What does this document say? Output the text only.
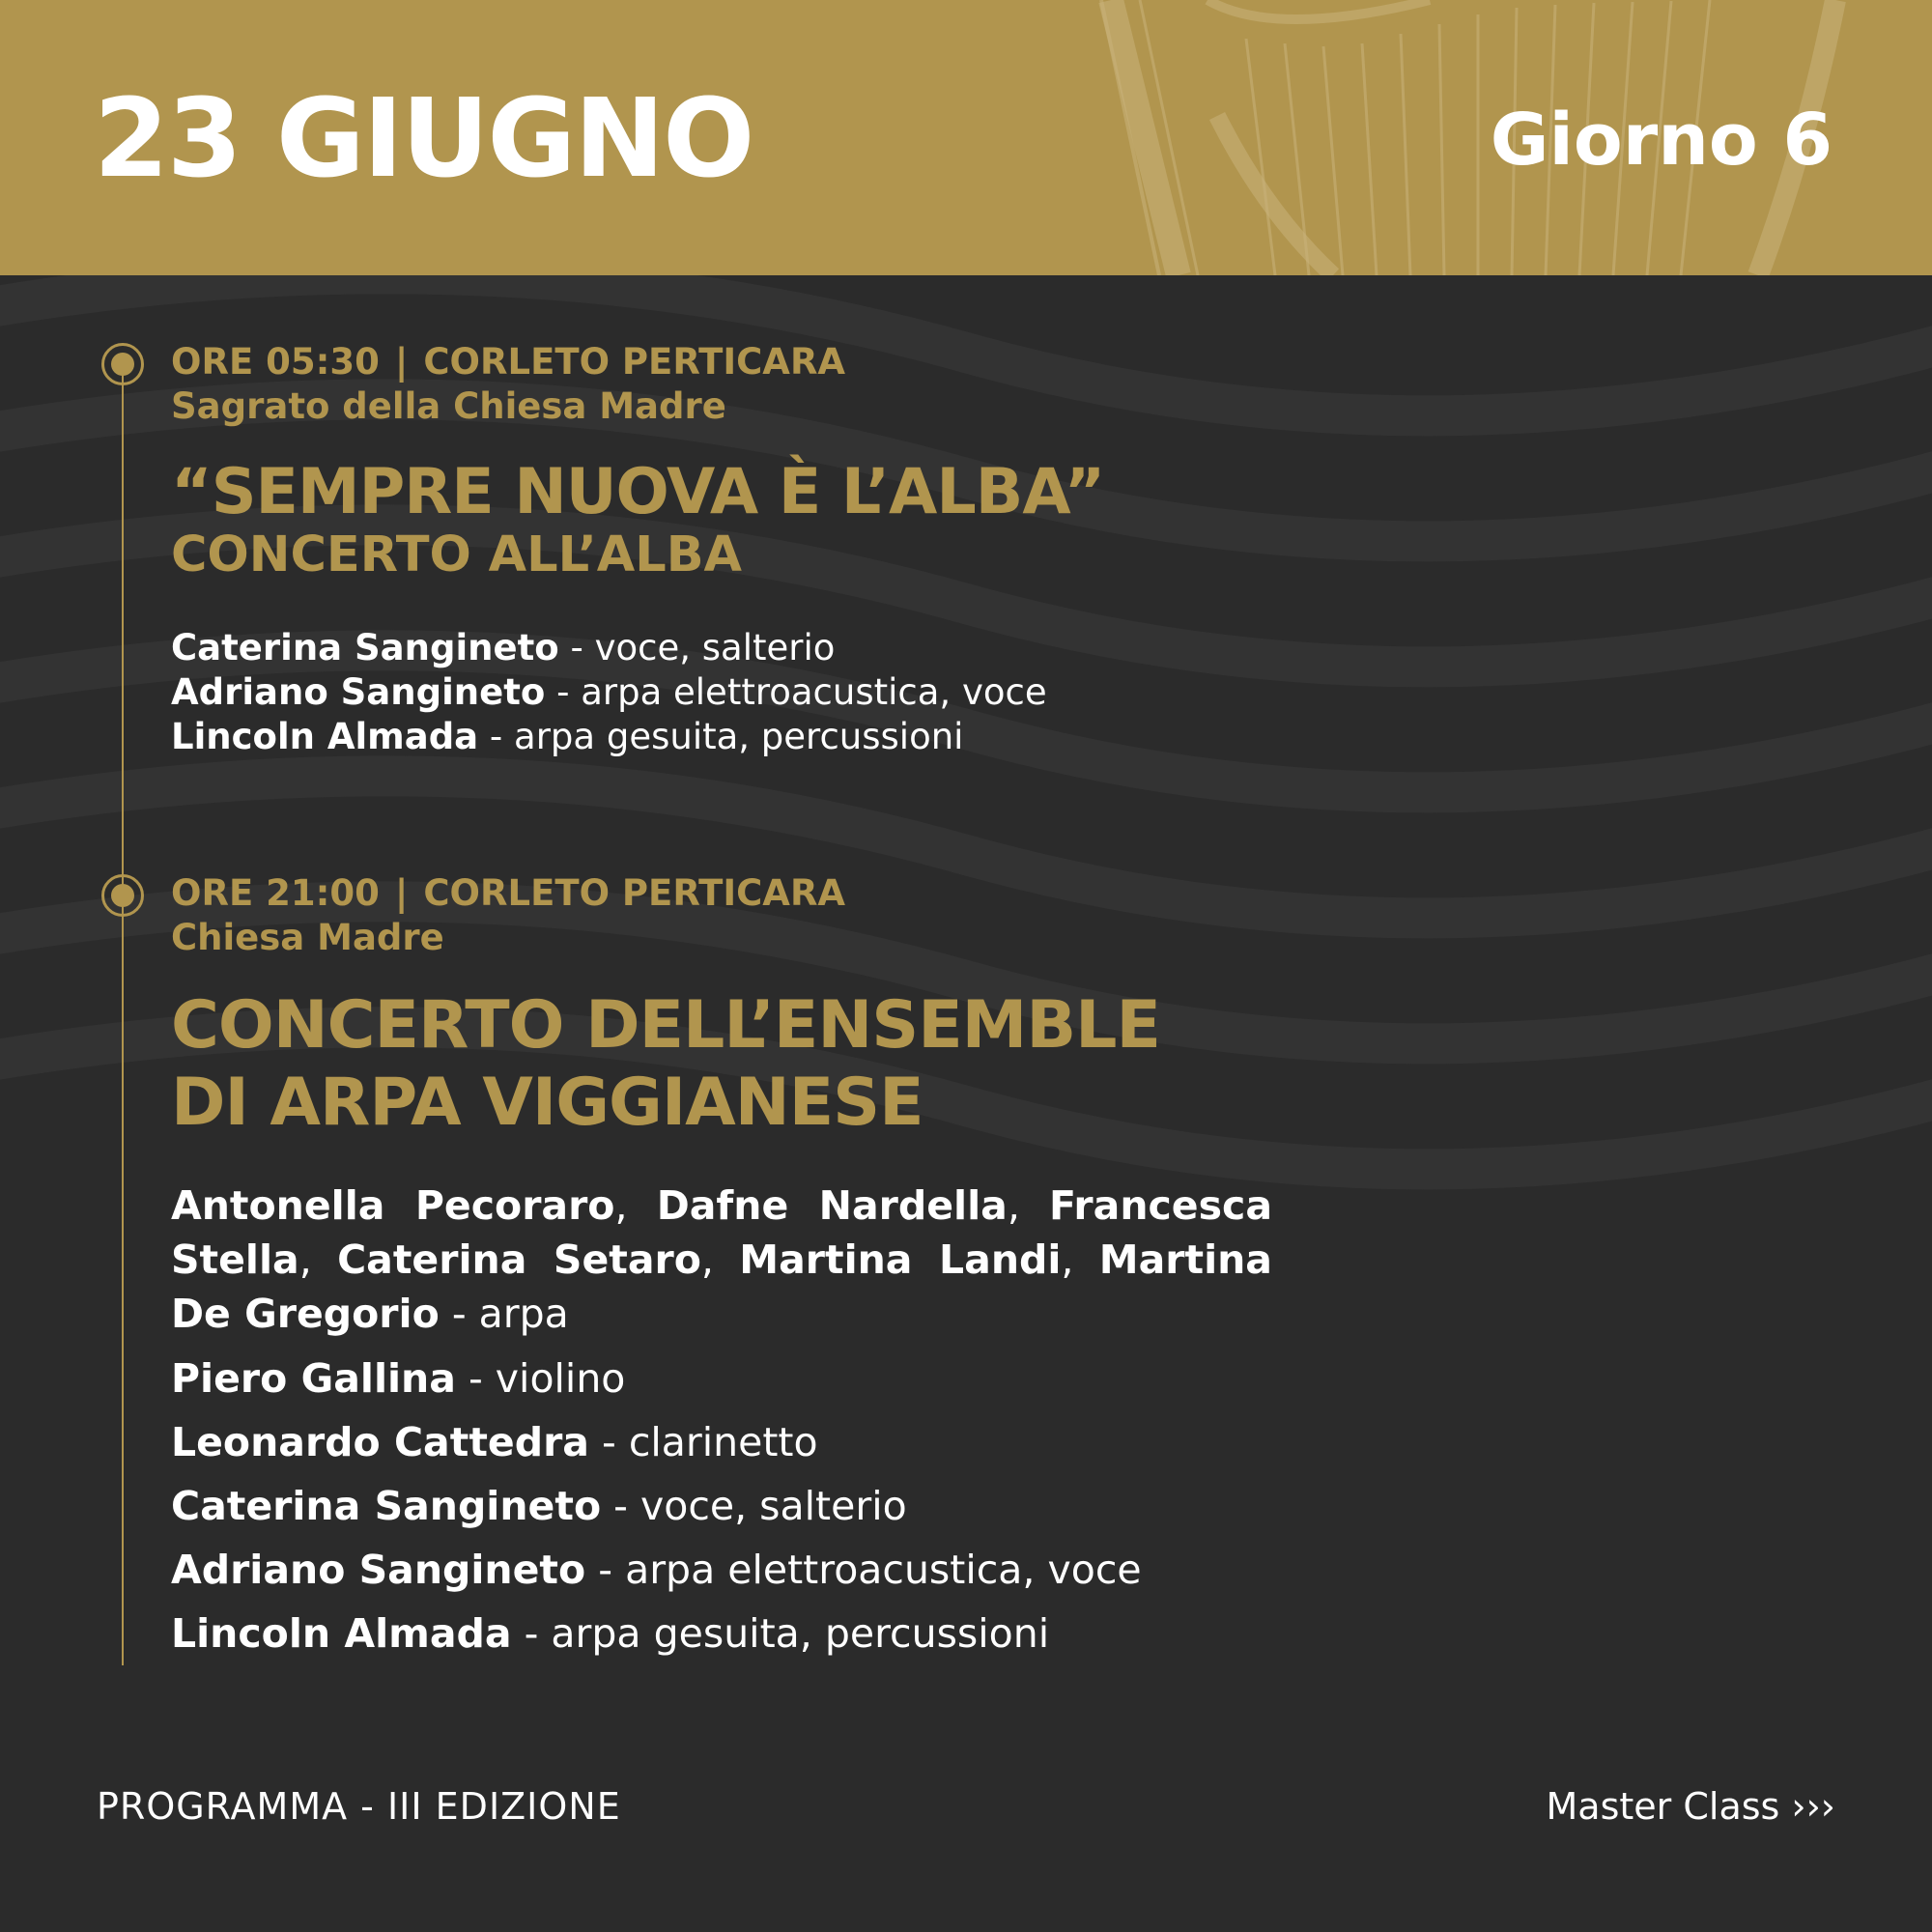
23 GIUGNO	Giorno 6

ORE 05:30 | CORLETO PERTICARA

Sagrato della Chiesa Madre

“SEMPRE NUOVA È L’ALBA”
CONCERTO ALL’ALBA

Caterina Sangineto - voce, salterio

Adriano Sangineto - arpa elettroacustica, voce

Lincoln Almada - arpa gesuita, percussioni

ORE 21:00 | CORLETO PERTICARA

Chiesa Madre

CONCERTO DELL’ENSEMBLE
DI ARPA VIGGIANESE
Antonella Pecoraro, Dafne Nardella, Francesca Stella, Caterina Setaro, Martina Landi, Martina De Gregorio - arpa

Piero Gallina - violino

Leonardo Cattedra - clarinetto

Caterina Sangineto - voce, salterio

Adriano Sangineto - arpa elettroacustica, voce

Lincoln Almada - arpa gesuita, percussioni

PROGRAMMA - III EDIZIONE	Master Class ›››
